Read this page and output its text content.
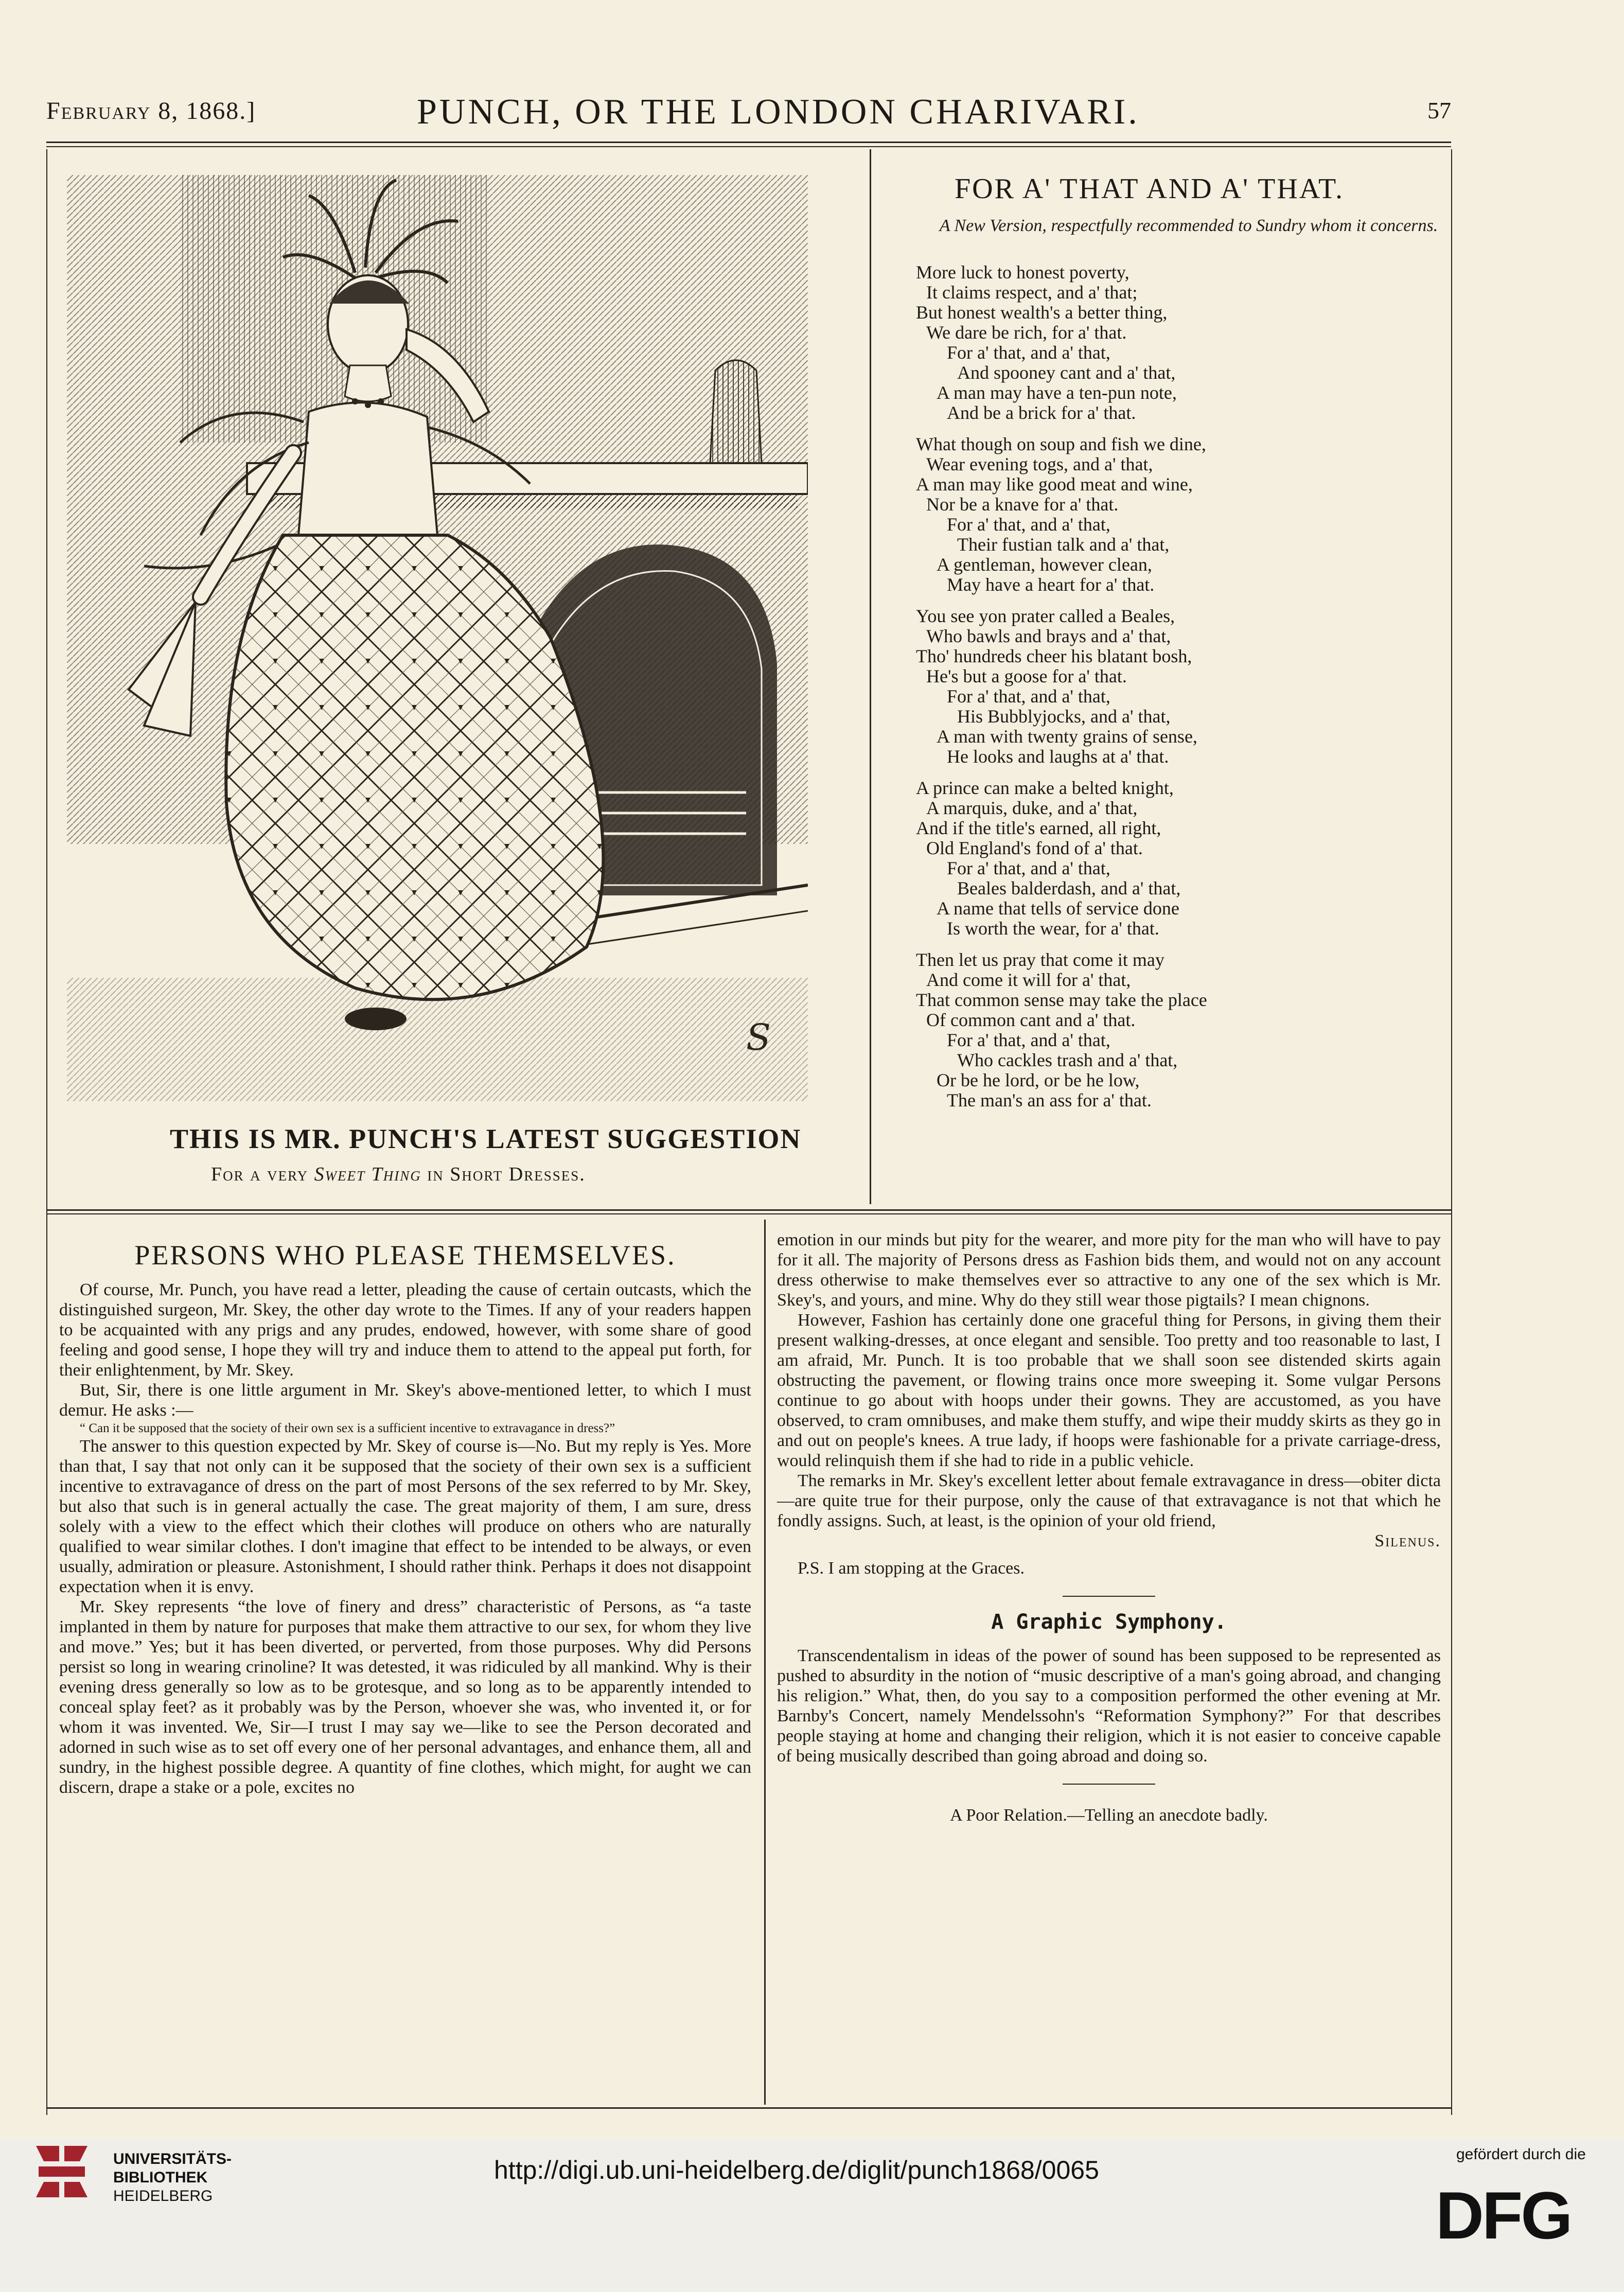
February 8, 1868.]	PUNCH, OR THE LONDON CHARIVARI.	57
S
THIS IS MR. PUNCH'S LATEST SUGGESTION
For a very Sweet Thing in Short Dresses.
FOR A' THAT AND A' THAT.
A New Version, respectfully recommended to Sundry whom it concerns.
More luck to honest poverty,
It claims respect, and a' that;
But honest wealth's a better thing,
We dare be rich, for a' that.
For a' that, and a' that,
And spooney cant and a' that,
A man may have a ten-pun note,
And be a brick for a' that.
What though on soup and fish we dine,
Wear evening togs, and a' that,
A man may like good meat and wine,
Nor be a knave for a' that.
For a' that, and a' that,
Their fustian talk and a' that,
A gentleman, however clean,
May have a heart for a' that.
You see yon prater called a Beales,
Who bawls and brays and a' that,
Tho' hundreds cheer his blatant bosh,
He's but a goose for a' that.
For a' that, and a' that,
His Bubblyjocks, and a' that,
A man with twenty grains of sense,
He looks and laughs at a' that.
A prince can make a belted knight,
A marquis, duke, and a' that,
And if the title's earned, all right,
Old England's fond of a' that.
For a' that, and a' that,
Beales balderdash, and a' that,
A name that tells of service done
Is worth the wear, for a' that.
Then let us pray that come it may
And come it will for a' that,
That common sense may take the place
Of common cant and a' that.
For a' that, and a' that,
Who cackles trash and a' that,
Or be he lord, or be he low,
The man's an ass for a' that.
PERSONS WHO PLEASE THEMSELVES.

Of course, Mr. Punch, you have read a letter, pleading the cause of certain outcasts, which the distinguished surgeon, Mr. Skey, the other day wrote to the Times. If any of your readers happen to be acquainted with any prigs and any prudes, endowed, however, with some share of good feeling and good sense, I hope they will try and induce them to attend to the appeal put forth, for their enlightenment, by Mr. Skey.

But, Sir, there is one little argument in Mr. Skey's above-mentioned letter, to which I must demur. He asks :—

“ Can it be supposed that the society of their own sex is a sufficient incentive to extravagance in dress?”

The answer to this question expected by Mr. Skey of course is—No. But my reply is Yes. More than that, I say that not only can it be supposed that the society of their own sex is a sufficient incentive to extravagance of dress on the part of most Persons of the sex referred to by Mr. Skey, but also that such is in general actually the case. The great majority of them, I am sure, dress solely with a view to the effect which their clothes will produce on others who are naturally qualified to wear similar clothes. I don't imagine that effect to be intended to be always, or even usually, admiration or pleasure. Astonishment, I should rather think. Perhaps it does not disappoint expectation when it is envy.

Mr. Skey represents “the love of finery and dress” characteristic of Persons, as “a taste implanted in them by nature for purposes that make them attractive to our sex, for whom they live and move.” Yes; but it has been diverted, or perverted, from those purposes. Why did Persons persist so long in wearing crinoline? It was detested, it was ridiculed by all mankind. Why is their evening dress generally so low as to be grotesque, and so long as to be apparently intended to conceal splay feet? as it probably was by the Person, whoever she was, who invented it, or for whom it was invented. We, Sir—I trust I may say we—like to see the Person decorated and adorned in such wise as to set off every one of her personal advantages, and enhance them, all and sundry, in the highest possible degree. A quantity of fine clothes, which might, for aught we can discern, drape a stake or a pole, excites no

emotion in our minds but pity for the wearer, and more pity for the man who will have to pay for it all. The majority of Persons dress as Fashion bids them, and would not on any account dress otherwise to make themselves ever so attractive to any one of the sex which is Mr. Skey's, and yours, and mine. Why do they still wear those pigtails? I mean chignons.

However, Fashion has certainly done one graceful thing for Persons, in giving them their present walking-dresses, at once elegant and sensible. Too pretty and too reasonable to last, I am afraid, Mr. Punch. It is too probable that we shall soon see distended skirts again obstructing the pavement, or flowing trains once more sweeping it. Some vulgar Persons continue to go about with hoops under their gowns. They are accustomed, as you have observed, to cram omnibuses, and make them stuffy, and wipe their muddy skirts as they go in and out on people's knees. A true lady, if hoops were fashionable for a private carriage-dress, would relinquish them if she had to ride in a public vehicle.

The remarks in Mr. Skey's excellent letter about female extravagance in dress—obiter dicta—are quite true for their purpose, only the cause of that extravagance is not that which he fondly assigns. Such, at least, is the opinion of your old friend,

Silenus.

P.S. I am stopping at the Graces.

A Graphic Symphony.

Transcendentalism in ideas of the power of sound has been supposed to be represented as pushed to absurdity in the notion of “music descriptive of a man's going abroad, and changing his religion.” What, then, do you say to a composition performed the other evening at Mr. Barnby's Concert, namely Mendelssohn's “Reformation Symphony?” For that describes people staying at home and changing their religion, which it is not easier to conceive capable of being musically described than going abroad and doing so.

A Poor Relation.—Telling an anecdote badly.
UNIVERSITÄTS-
BIBLIOTHEK
HEIDELBERG
http://digi.ub.uni-heidelberg.de/diglit/punch1868/0065
gefördert durch die
DFG
